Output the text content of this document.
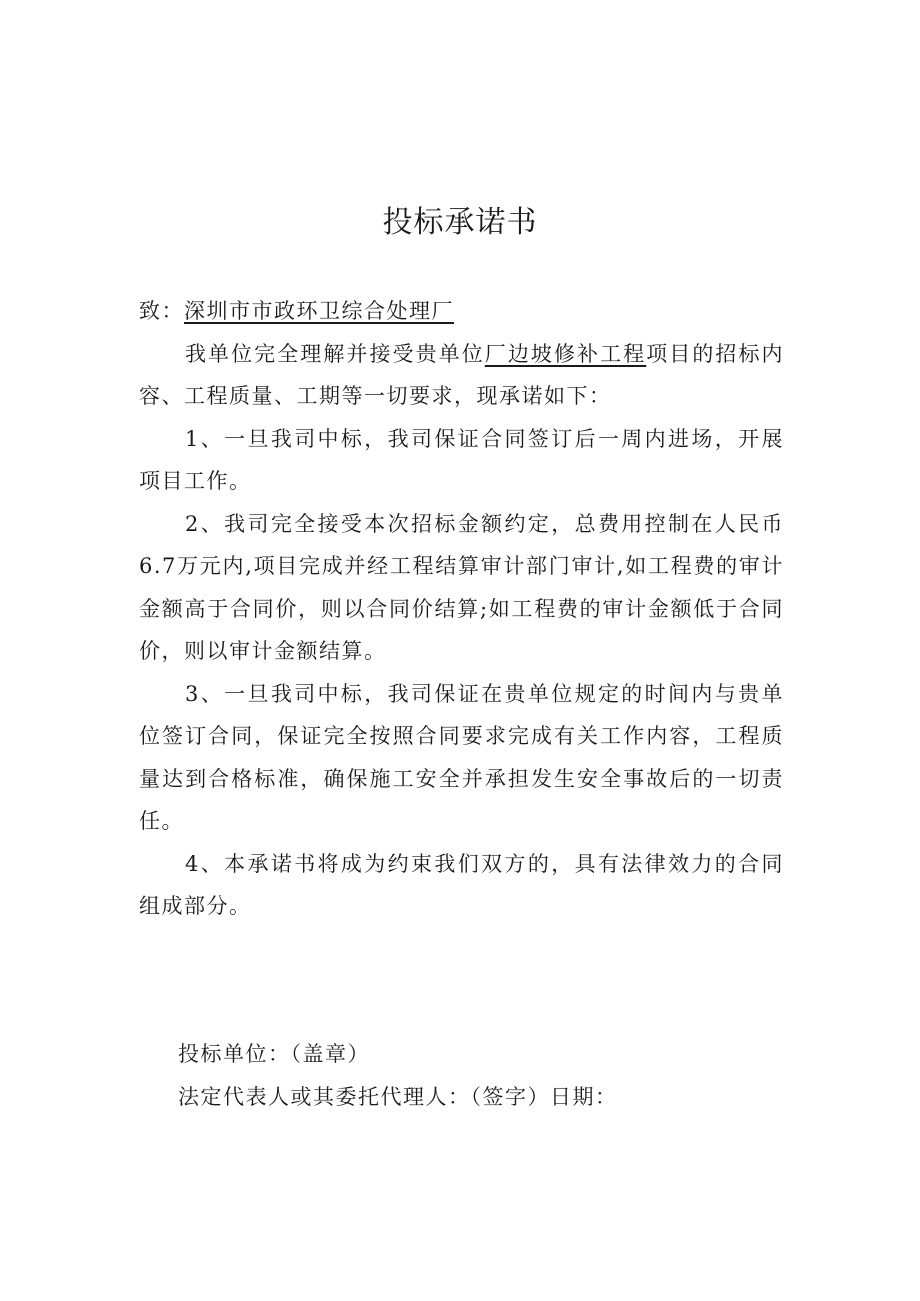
投标承诺书

致：深圳市市政环卫综合处理厂

我单位完全理解并接受贵单位厂边坡修补工程项目的招标内容、工程质量、工期等一切要求，现承诺如下：

1、一旦我司中标，我司保证合同签订后一周内进场，开展项目工作。

2、我司完全接受本次招标金额约定，总费用控制在人民币6.7万元内,项目完成并经工程结算审计部门审计,如工程费的审计金额高于合同价，则以合同价结算;如工程费的审计金额低于合同价，则以审计金额结算。

3、一旦我司中标，我司保证在贵单位规定的时间内与贵单位签订合同，保证完全按照合同要求完成有关工作内容，工程质量达到合格标准，确保施工安全并承担发生安全事故后的一切责任。

4、本承诺书将成为约束我们双方的，具有法律效力的合同组成部分。

投标单位：（盖章）

法定代表人或其委托代理人：（签字）日期：
